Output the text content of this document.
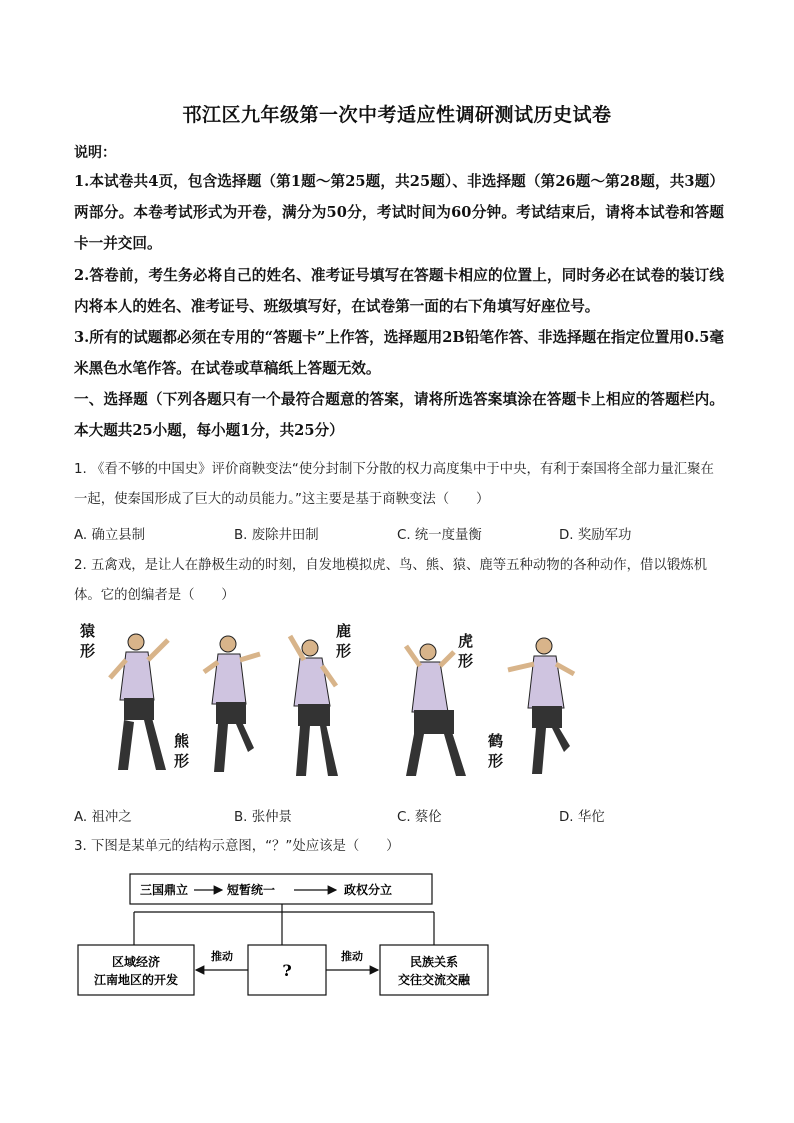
邗江区九年级第一次中考适应性调研测试历史试卷
说明：
1.本试卷共4页，包含选择题（第1题～第25题，共25题）、非选择题（第26题～第28题，共3题）两部分。本卷考试形式为开卷，满分为50分，考试时间为60分钟。考试结束后，请将本试卷和答题卡一并交回。
2.答卷前，考生务必将自己的姓名、准考证号填写在答题卡相应的位置上，同时务必在试卷的装订线内将本人的姓名、准考证号、班级填写好，在试卷第一面的右下角填写好座位号。
3.所有的试题都必须在专用的“答题卡”上作答，选择题用2B铅笔作答、非选择题在指定位置用0.5毫米黑色水笔作答。在试卷或草稿纸上答题无效。
一、选择题（下列各题只有一个最符合题意的答案，请将所选答案填涂在答题卡上相应的答题栏内。本大题共25小题，每小题1分，共25分）
1. 《看不够的中国史》评价商鞅变法“使分封制下分散的权力高度集中于中央，有利于秦国将全部力量汇聚在一起，使秦国形成了巨大的动员能力。”这主要是基于商鞅变法（　　）
A. 确立县制	B. 废除井田制	C. 统一度量衡	D. 奖励军功
2. 五禽戏，是让人在静极生动的时刻，自发地模拟虎、鸟、熊、猿、鹿等五种动物的各种动作，借以锻炼机体。它的创编者是（　　）
猿
形
熊
形
鹿
形
虎
形
鹤
形
A. 祖冲之	B. 张仲景	C. 蔡伦	D. 华佗
3. 下图是某单元的结构示意图，“？”处应该是（　　）
三国鼎立	短暂统一	政权分立
区域经济
江南地区的开发	?	民族关系
交往交流交融
推动	推动
